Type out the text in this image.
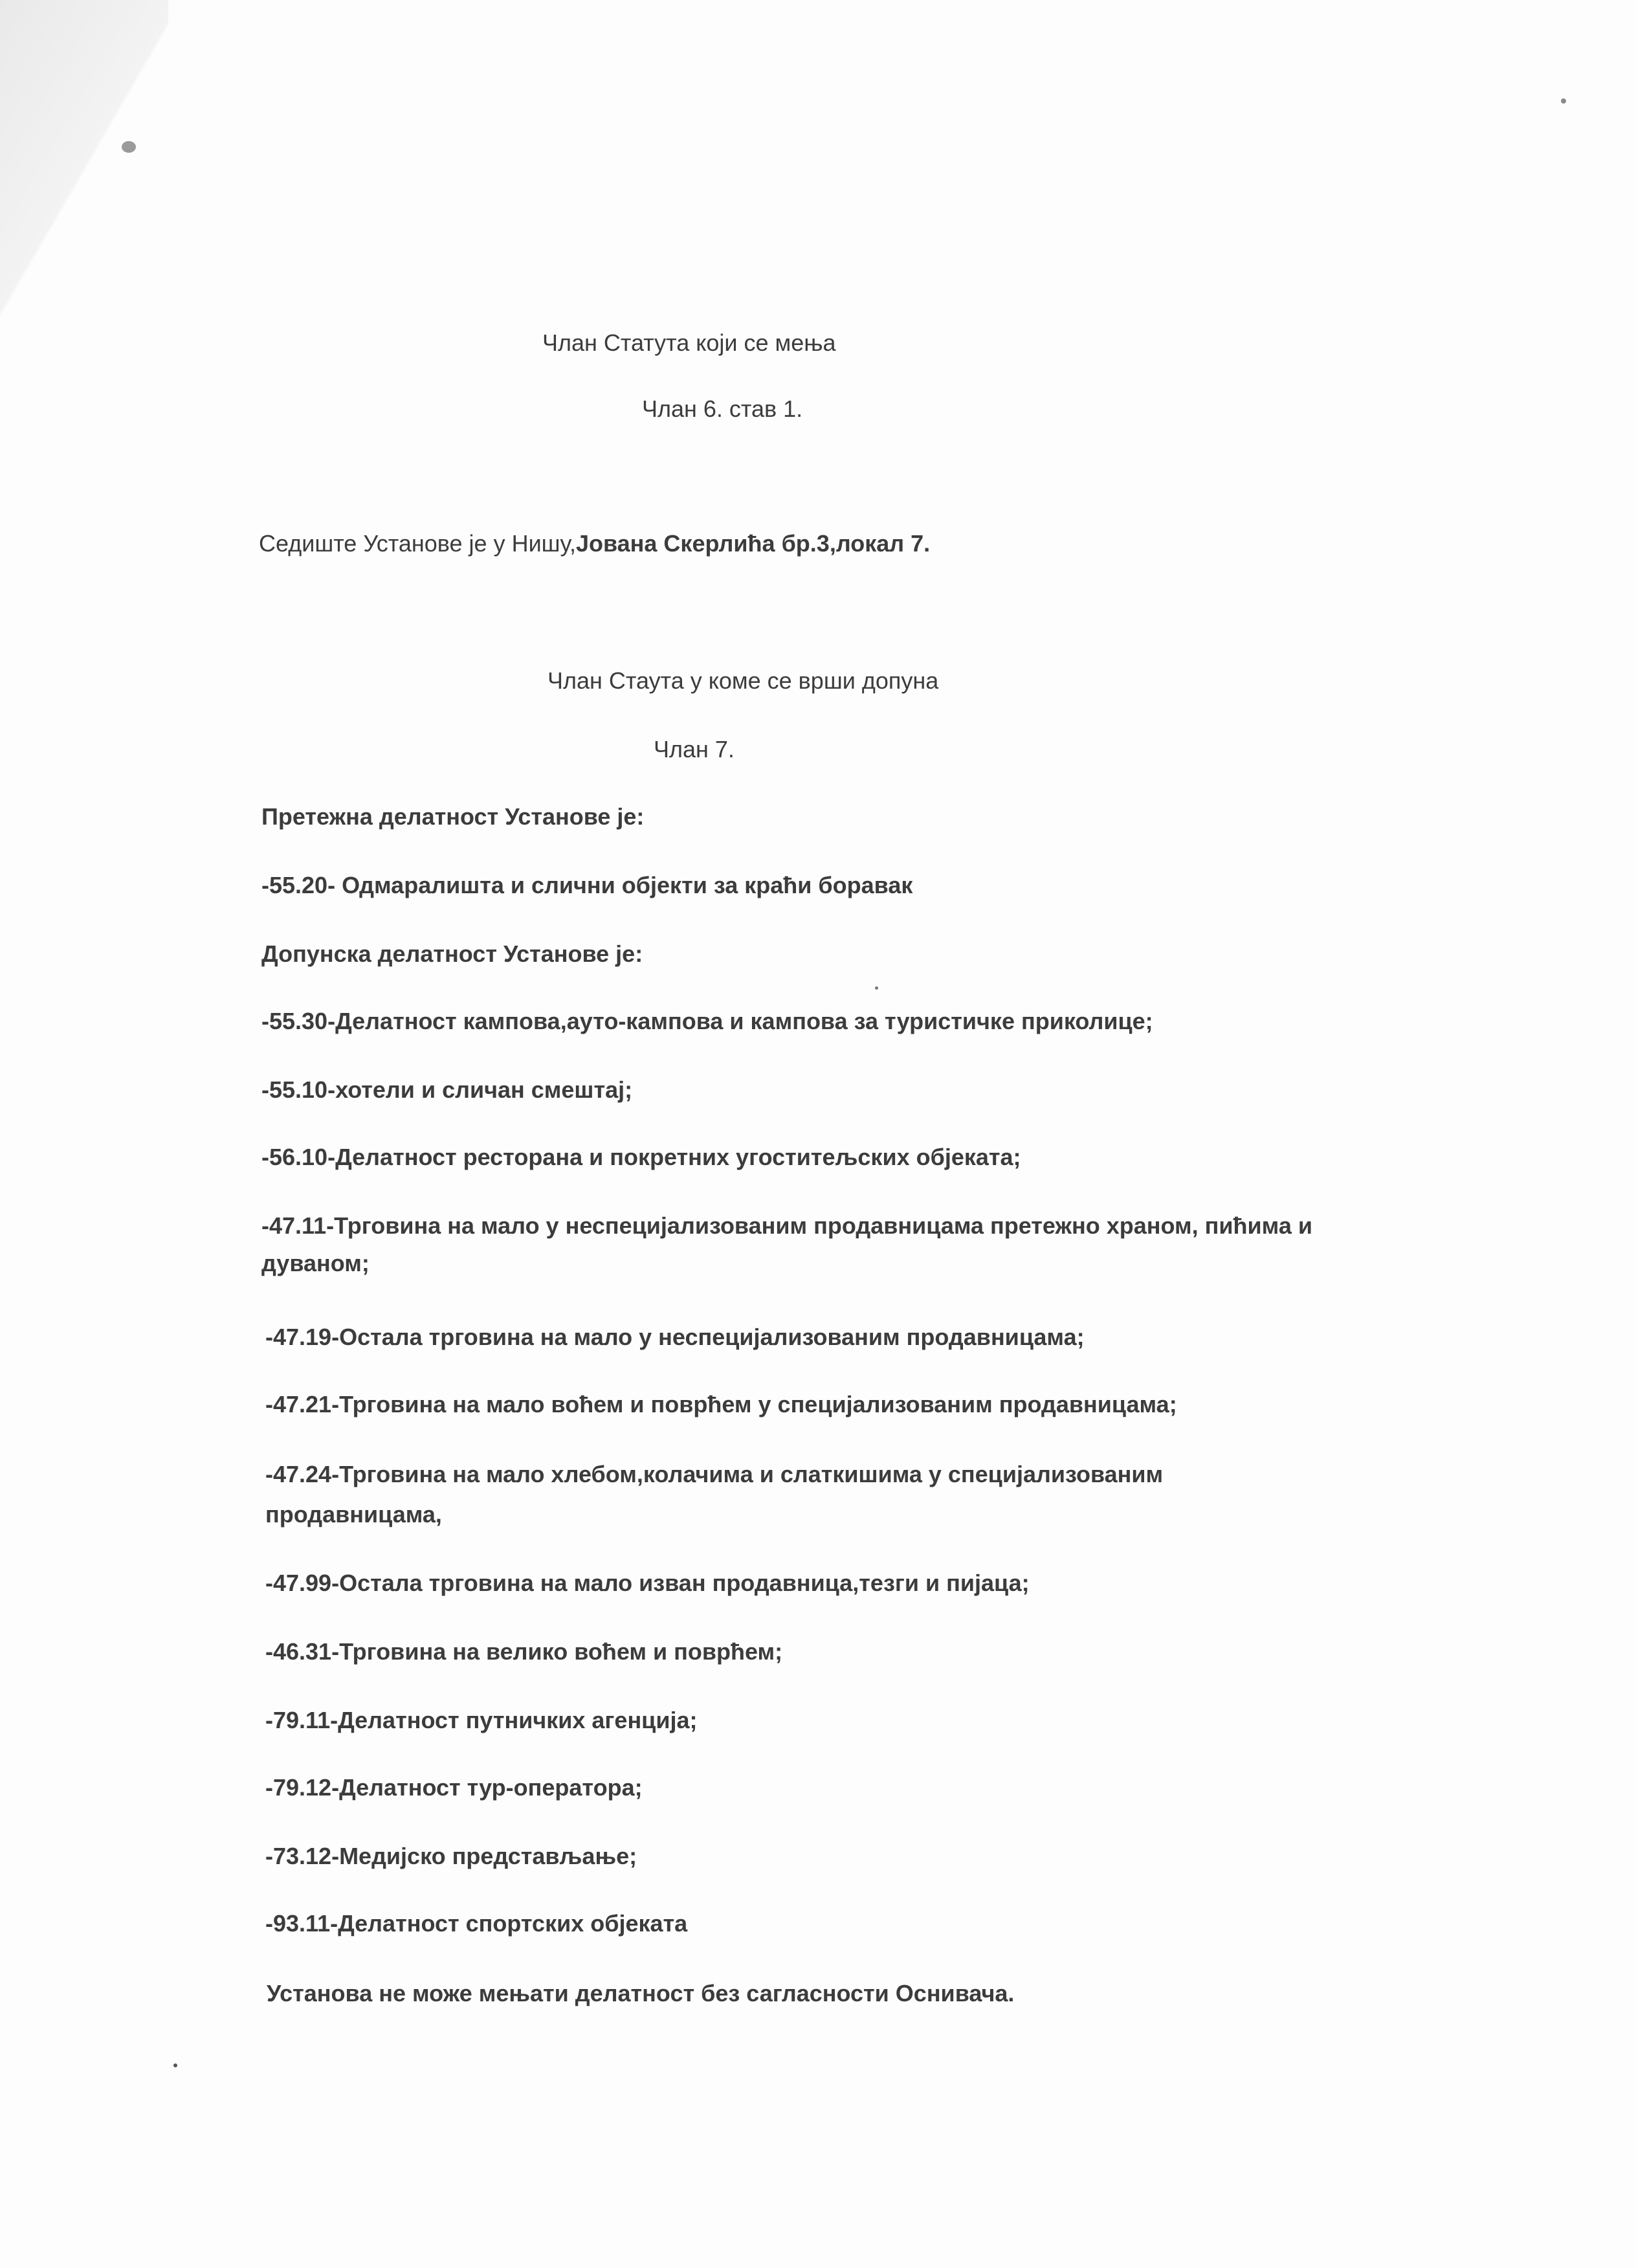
Члан Статута који се мења
Члан 6. став 1.
Седиште Установе је у Нишу,Јована Скерлића бр.3,локал 7.
Члан Стаута у коме се врши допуна
Члан 7.
Претежна делатност Установе је:
-55.20- Одмаралишта и слични објекти за краћи боравак
Допунска делатност Установе је:
-55.30-Делатност кампова,ауто-кампова и кампова за туристичке приколице;
-55.10-хотели и сличан смештај;
-56.10-Делатност ресторана и покретних угоститељских објеката;
-47.11-Трговина на мало у неспецијализованим продавницама претежно храном, пићима и
дуваном;
-47.19-Остала трговина на мало у неспецијализованим продавницама;
-47.21-Трговина на мало воћем и поврћем у специјализованим продавницама;
-47.24-Трговина на мало хлебом,колачима и слаткишима у специјализованим
продавницама,
-47.99-Остала трговина на мало изван продавница,тезги и пијаца;
-46.31-Трговина на велико воћем и поврћем;
-79.11-Делатност путничких агенција;
-79.12-Делатност тур-оператора;
-73.12-Медијско представљање;
-93.11-Делатност спортских објеката
Установа не може мењати делатност без сагласности Оснивача.
